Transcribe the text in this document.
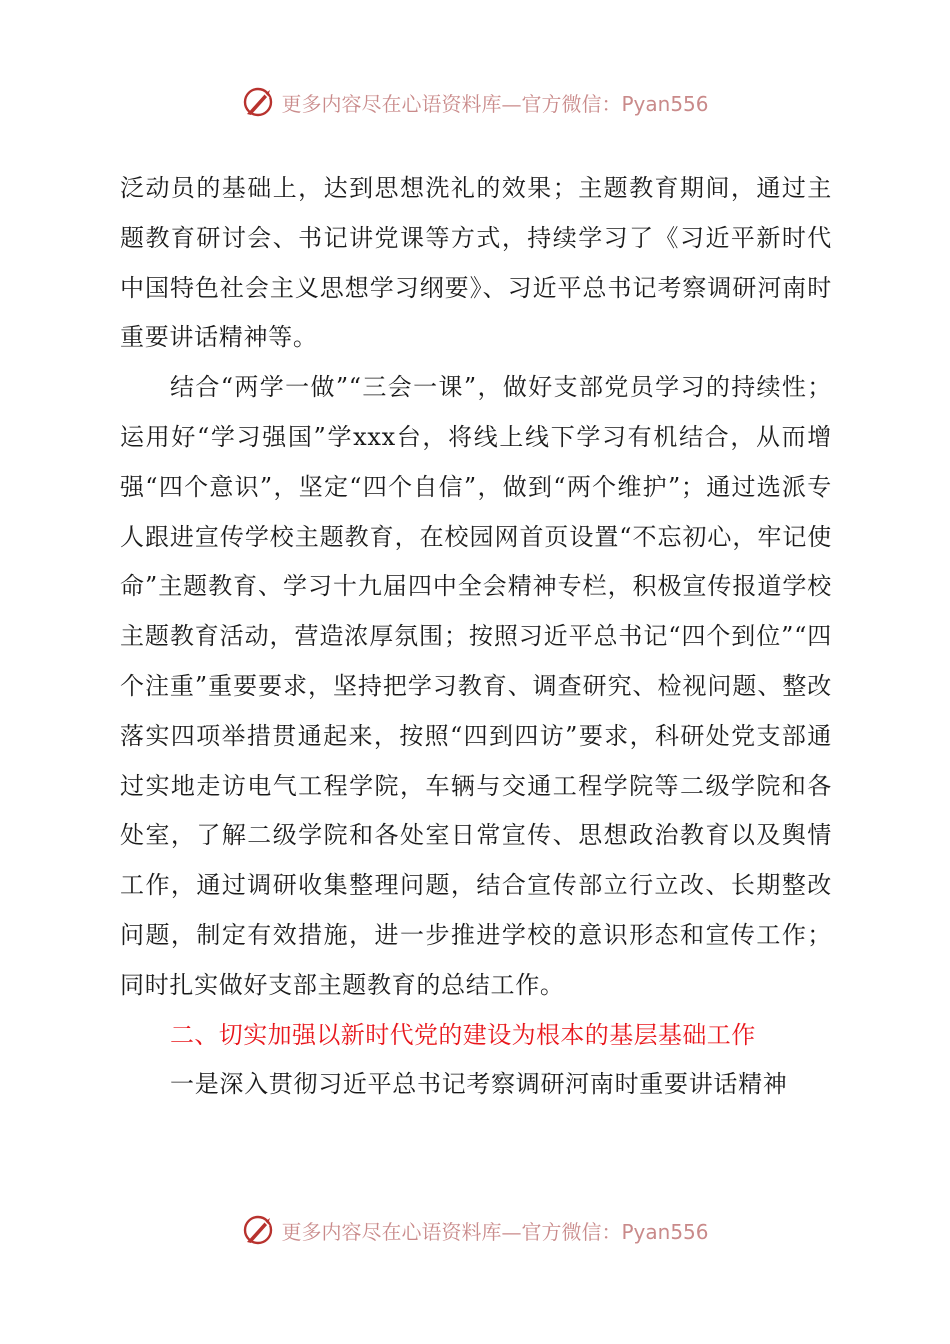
更多内容尽在心语资料库—官方微信：Pyan556

泛动员的基础上，达到思想洗礼的效果；主题教育期间，通过主题教育研讨会、书记讲党课等方式，持续学习了《习近平新时代中国特色社会主义思想学习纲要》、习近平总书记考察调研河南时重要讲话精神等。

结合“两学一做”“三会一课”，做好支部党员学习的持续性；运用好“学习强国”学xxx台，将线上线下学习有机结合，从而增强“四个意识”，坚定“四个自信”，做到“两个维护”；通过选派专人跟进宣传学校主题教育，在校园网首页设置“不忘初心，牢记使命”主题教育、学习十九届四中全会精神专栏，积极宣传报道学校主题教育活动，营造浓厚氛围；按照习近平总书记“四个到位”“四个注重”重要要求，坚持把学习教育、调查研究、检视问题、整改落实四项举措贯通起来，按照“四到四访”要求，科研处党支部通过实地走访电气工程学院，车辆与交通工程学院等二级学院和各处室，了解二级学院和各处室日常宣传、思想政治教育以及舆情工作，通过调研收集整理问题，结合宣传部立行立改、长期整改问题，制定有效措施，进一步推进学校的意识形态和宣传工作；同时扎实做好支部主题教育的总结工作。

二、切实加强以新时代党的建设为根本的基层基础工作

一是深入贯彻习近平总书记考察调研河南时重要讲话精神

更多内容尽在心语资料库—官方微信：Pyan556
